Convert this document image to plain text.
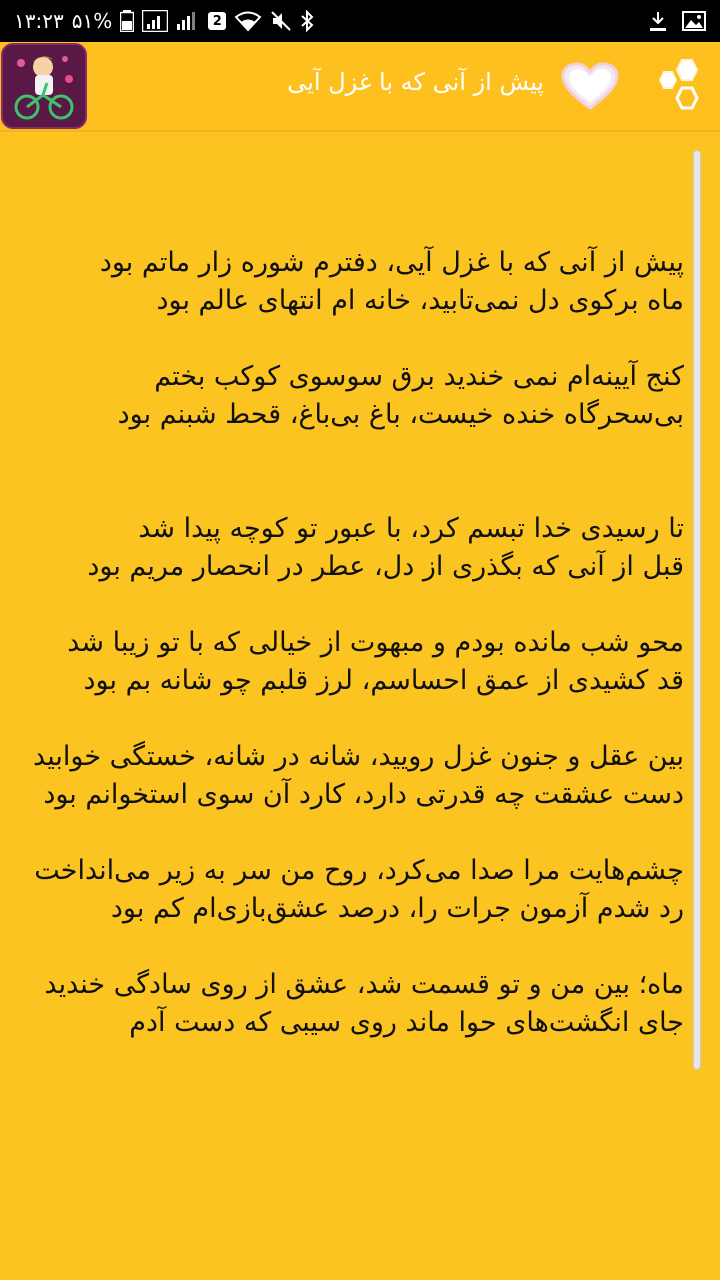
۱۳:۲۳ ۵۱%	2
پیش از آنی که با غزل آیی

پیش از آنی که با غزل آیی، دفترم شوره زار ماتم بود
ماه برکوی دل نمی‌تابید، خانه ام انتهای عالم بود

کنج آیینه‌ام نمی خندید برق سوسوی کوکب بختم
بی‌سحرگاه خنده خیست، باغ بی‌باغ، قحط شبنم بود

تا رسیدی خدا تبسم کرد، با عبور تو کوچه پیدا شد
قبل از آنی که بگذری از دل، عطر در انحصار مریم بود

محو شب مانده بودم و مبهوت از خیالی که با تو زیبا شد
قد کشیدی از عمق احساسم، لرز قلبم چو شانه بم بود

بین عقل و جنون غزل رویید، شانه در شانه، خستگی خوابید
دست عشقت چه قدرتی دارد، کارد آن سوی استخوانم بود

چشم‌هایت مرا صدا می‌کرد، روح من سر به زیر می‌انداخت
رد شدم آزمون جرات را، درصد عشق‌بازی‌ام کم بود

ماه؛ بین من و تو قسمت شد، عشق از روی سادگی خندید
جای انگشت‌های حوا ماند روی سیبی که دست آدم
